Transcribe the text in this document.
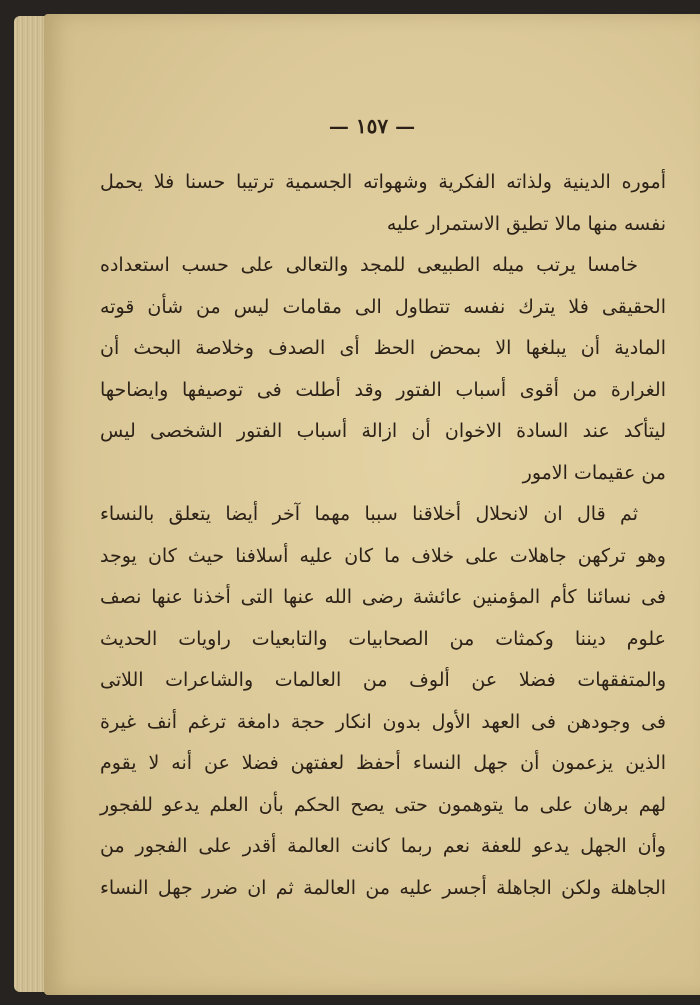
— ١٥٧ —
أموره الدينية ولذاته الفكرية وشهواته الجسمية ترتيبا حسنا فلا يحمل
نفسه منها مالا تطيق الاستمرار عليه
خامسا يرتب ميله الطبيعى للمجد والتعالى على حسب استعداده
الحقيقى فلا يترك نفسه تتطاول الى مقامات ليس من شأن قوته
المادية أن يبلغها الا بمحض الحظ أى الصدف وخلاصة البحث أن
الغرارة من أقوى أسباب الفتور وقد أطلت فى توصيفها وايضاحها
ليتأكد عند السادة الاخوان أن ازالة أسباب الفتور الشخصى ليس
من عقيمات الامور
ثم قال ان لانحلال أخلاقنا سببا مهما آخر أيضا يتعلق بالنساء
وهو تركهن جاهلات على خلاف ما كان عليه أسلافنا حيث كان يوجد
فى نسائنا كأم المؤمنين عائشة رضى الله عنها التى أخذنا عنها نصف
علوم ديننا وكمثات من الصحابيات والتابعيات راويات الحديث
والمتفقهات فضلا عن ألوف من العالمات والشاعرات اللاتى
فى وجودهن فى العهد الأول بدون انكار حجة دامغة ترغم أنف غيرة
الذين يزعمون أن جهل النساء أحفظ لعفتهن فضلا عن أنه لا يقوم
لهم برهان على ما يتوهمون حتى يصح الحكم بأن العلم يدعو للفجور
وأن الجهل يدعو للعفة نعم ربما كانت العالمة أقدر على الفجور من
الجاهلة ولكن الجاهلة أجسر عليه من العالمة ثم ان ضرر جهل النساء
